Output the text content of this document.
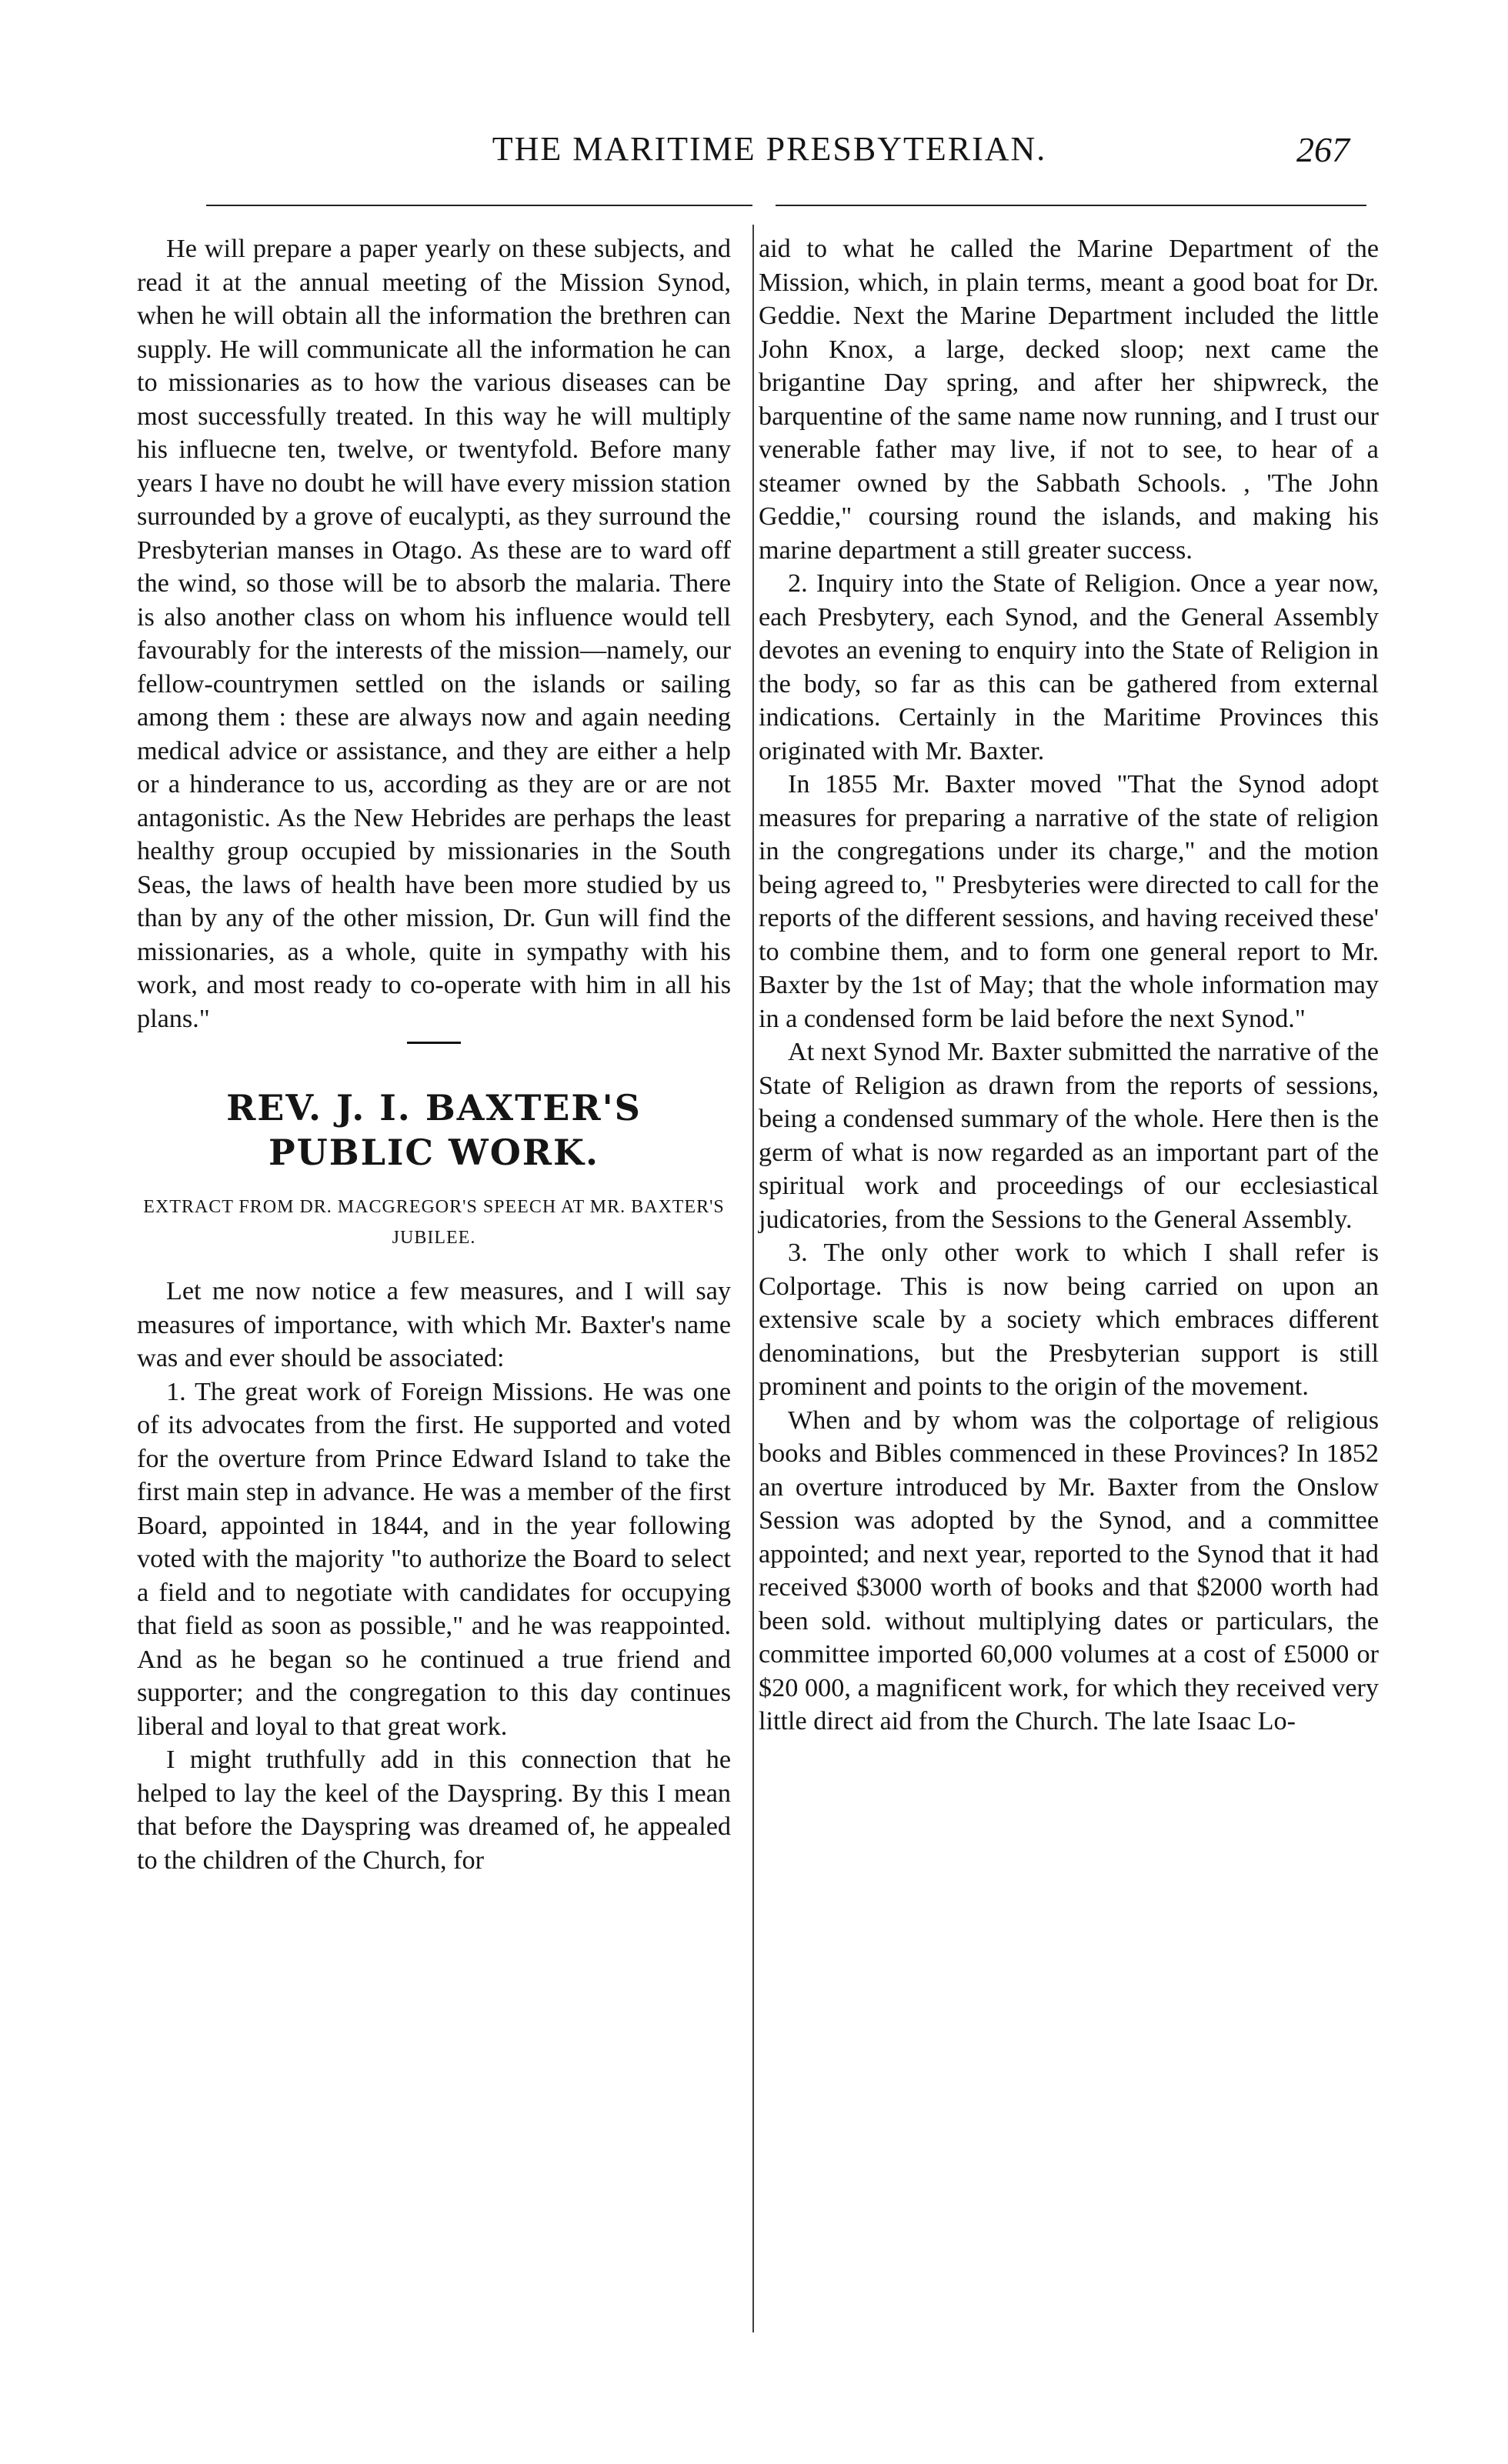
THE MARITIME PRESBYTERIAN.	267

He will prepare a paper yearly on these subjects, and read it at the annual meeting of the Mission Synod, when he will obtain all the information the brethren can supply. He will communicate all the information he can to missionaries as to how the various diseases can be most successfully treated. In this way he will multiply his influecne ten, twelve, or twentyfold. Before many years I have no doubt he will have every mission station surrounded by a grove of eucalypti, as they surround the Presbyterian manses in Otago. As these are to ward off the wind, so those will be to absorb the malaria. There is also another class on whom his influence would tell favourably for the interests of the mission—namely, our fellow-countrymen settled on the islands or sailing among them : these are always now and again needing medical advice or assistance, and they are either a help or a hinderance to us, according as they are or are not antagonistic. As the New Hebrides are perhaps the least healthy group occupied by missionaries in the South Seas, the laws of health have been more studied by us than by any of the other mission, Dr. Gun will find the missionaries, as a whole, quite in sympathy with his work, and most ready to co-operate with him in all his plans."

REV. J. I. BAXTER'S PUBLIC WORK.
EXTRACT FROM DR. MACGREGOR'S SPEECH AT MR. BAXTER'S JUBILEE.

Let me now notice a few measures, and I will say measures of importance, with which Mr. Baxter's name was and ever should be associated:

1. The great work of Foreign Missions. He was one of its advocates from the first. He supported and voted for the overture from Prince Edward Island to take the first main step in advance. He was a member of the first Board, appointed in 1844, and in the year following voted with the majority "to authorize the Board to select a field and to negotiate with candidates for occupying that field as soon as possible," and he was reappointed. And as he began so he continued a true friend and supporter; and the congregation to this day continues liberal and loyal to that great work.

I might truthfully add in this connection that he helped to lay the keel of the Dayspring. By this I mean that before the Dayspring was dreamed of, he appealed to the children of the Church, for

aid to what he called the Marine Department of the Mission, which, in plain terms, meant a good boat for Dr. Geddie. Next the Marine Department included the little John Knox, a large, decked sloop; next came the brigantine Day spring, and after her shipwreck, the barquentine of the same name now running, and I trust our venerable father may live, if not to see, to hear of a steamer owned by the Sabbath Schools. , 'The John Geddie," coursing round the islands, and making his marine department a still greater success.

2. Inquiry into the State of Religion. Once a year now, each Presbytery, each Synod, and the General Assembly devotes an evening to enquiry into the State of Religion in the body, so far as this can be gathered from external indications. Certainly in the Maritime Provinces this originated with Mr. Baxter.

In 1855 Mr. Baxter moved "That the Synod adopt measures for preparing a narrative of the state of religion in the congregations under its charge," and the motion being agreed to, " Presbyteries were directed to call for the reports of the different sessions, and having received these' to combine them, and to form one general report to Mr. Baxter by the 1st of May; that the whole information may in a condensed form be laid before the next Synod."

At next Synod Mr. Baxter submitted the narrative of the State of Religion as drawn from the reports of sessions, being a condensed summary of the whole. Here then is the germ of what is now regarded as an important part of the spiritual work and proceedings of our ecclesiastical judicatories, from the Sessions to the General Assembly.

3. The only other work to which I shall refer is Colportage. This is now being carried on upon an extensive scale by a society which embraces different denominations, but the Presbyterian support is still prominent and points to the origin of the movement.

When and by whom was the colportage of religious books and Bibles commenced in these Provinces? In 1852 an overture introduced by Mr. Baxter from the Onslow Session was adopted by the Synod, and a committee appointed; and next year, reported to the Synod that it had received $3000 worth of books and that $2000 worth had been sold. without multiplying dates or particulars, the committee imported 60,000 volumes at a cost of £5000 or $20 000, a magnificent work, for which they received very little direct aid from the Church. The late Isaac Lo-
